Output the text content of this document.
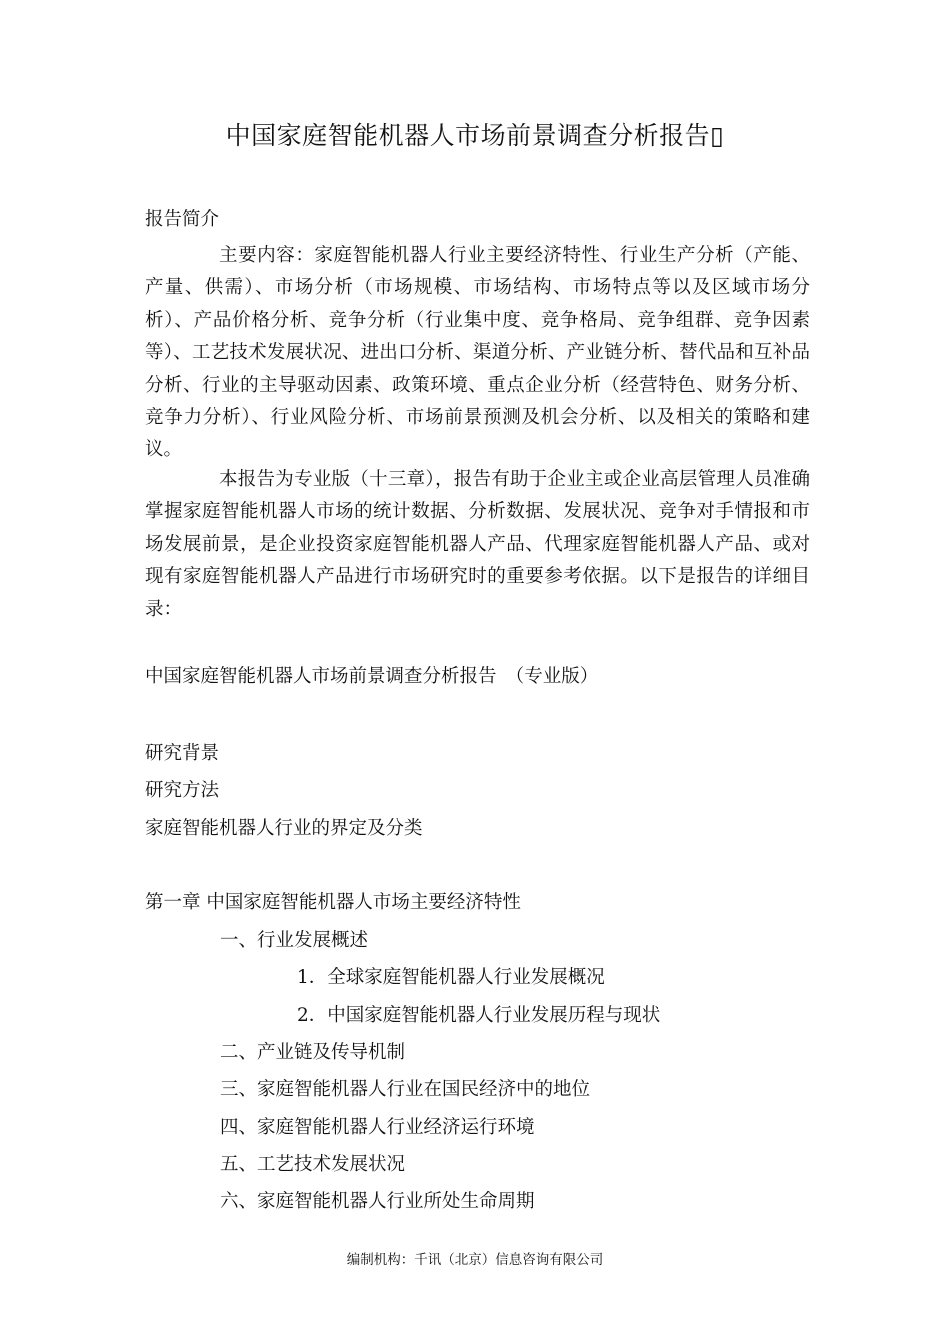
中国家庭智能机器人市场前景调查分析报告▯
报告简介
主要内容：家庭智能机器人行业主要经济特性、行业生产分析（产能、产量、供需）、市场分析（市场规模、市场结构、市场特点等以及区域市场分析）、产品价格分析、竞争分析（行业集中度、竞争格局、竞争组群、竞争因素等）、工艺技术发展状况、进出口分析、渠道分析、产业链分析、替代品和互补品分析、行业的主导驱动因素、政策环境、重点企业分析（经营特色、财务分析、竞争力分析）、行业风险分析、市场前景预测及机会分析、以及相关的策略和建议。
本报告为专业版（十三章），报告有助于企业主或企业高层管理人员准确掌握家庭智能机器人市场的统计数据、分析数据、发展状况、竞争对手情报和市场发展前景，是企业投资家庭智能机器人产品、代理家庭智能机器人产品、或对现有家庭智能机器人产品进行市场研究时的重要参考依据。以下是报告的详细目录：
中国家庭智能机器人市场前景调查分析报告　（专业版）
研究背景
研究方法
家庭智能机器人行业的界定及分类
第一章 中国家庭智能机器人市场主要经济特性
一、行业发展概述
1．全球家庭智能机器人行业发展概况
2．中国家庭智能机器人行业发展历程与现状
二、产业链及传导机制
三、家庭智能机器人行业在国民经济中的地位
四、家庭智能机器人行业经济运行环境
五、工艺技术发展状况
六、家庭智能机器人行业所处生命周期
编制机构：千讯（北京）信息咨询有限公司
